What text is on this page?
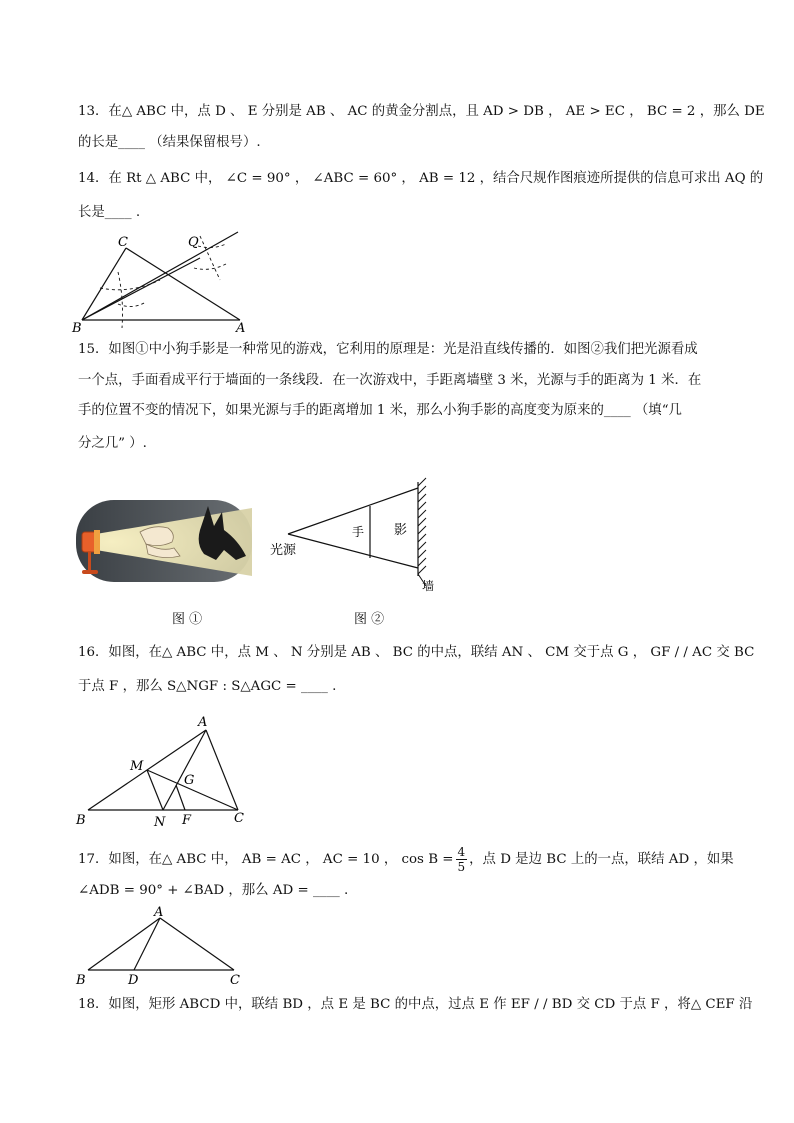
13．在△ ABC 中，点 D 、 E 分别是 AB 、 AC 的黄金分割点，且 AD > DB ， AE > EC ， BC = 2 ，那么 DE
的长是____ （结果保留根号）.
14．在 Rt △ ABC 中， ∠C = 90° ， ∠ABC = 60° ， AB = 12 ，结合尺规作图痕迹所提供的信息可求出 AQ 的
长是____ .
C	Q
B	A
15．如图①中小狗手影是一种常见的游戏，它利用的原理是：光是沿直线传播的．如图②我们把光源看成
一个点，手面看成平行于墙面的一条线段．在一次游戏中，手距离墙壁 3 米，光源与手的距离为 1 米．在
手的位置不变的情况下，如果光源与手的距离增加 1 米，那么小狗手影的高度变为原来的____ （填“几
分之几” ）.
图 ①
光源
手 影
墙
图 ②
16．如图，在△ ABC 中，点 M 、 N 分别是 AB 、 BC 的中点，联结 AN 、 CM 交于点 G ， GF / / AC 交 BC
于点 F ，那么 S△NGF : S△AGC = ____ .
A
M
G
B	N F	C
17．如图，在△ ABC 中， AB = AC ， AC = 10 ， $\cos B = \frac{4}{5}$ ，点 D 是边 BC 上的一点，联结 AD ，如果
∠ADB = 90° + ∠BAD ，那么 AD = ____ .
A
B	D	C
18．如图，矩形 ABCD 中，联结 BD ，点 E 是 BC 的中点，过点 E 作 EF / / BD 交 CD 于点 F ，将△ CEF 沿
